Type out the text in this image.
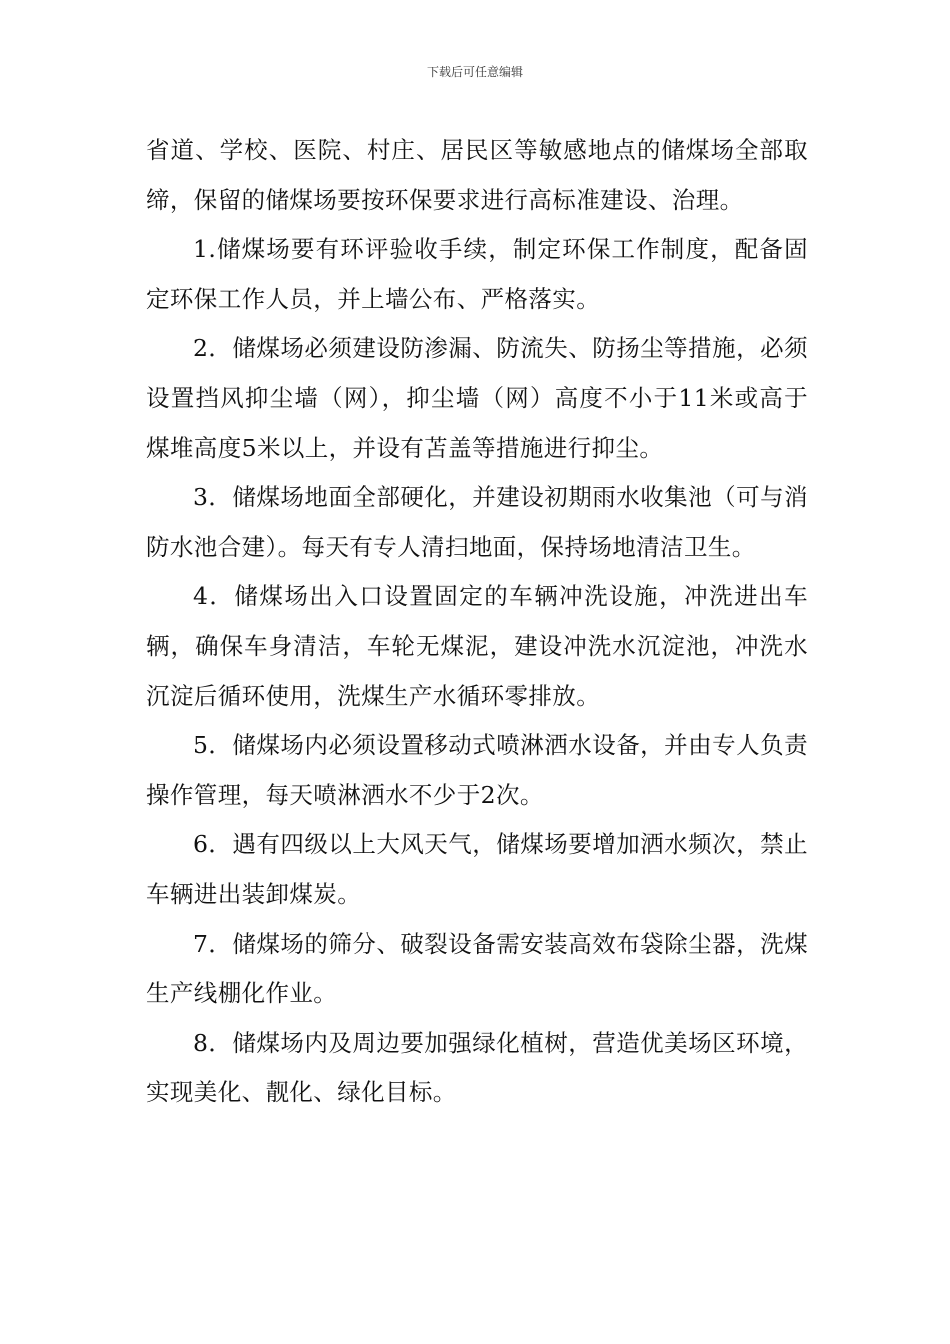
下载后可任意编辑

省道、学校、医院、村庄、居民区等敏感地点的储煤场全部取缔，保留的储煤场要按环保要求进行高标准建设、治理。

1.储煤场要有环评验收手续，制定环保工作制度，配备固定环保工作人员，并上墙公布、严格落实。

2．储煤场必须建设防渗漏、防流失、防扬尘等措施，必须设置挡风抑尘墙（网），抑尘墙（网）高度不小于11米或高于煤堆高度5米以上，并设有苫盖等措施进行抑尘。

3．储煤场地面全部硬化，并建设初期雨水收集池（可与消防水池合建）。每天有专人清扫地面，保持场地清洁卫生。

4．储煤场出入口设置固定的车辆冲洗设施，冲洗进出车辆，确保车身清洁，车轮无煤泥，建设冲洗水沉淀池，冲洗水沉淀后循环使用，洗煤生产水循环零排放。

5．储煤场内必须设置移动式喷淋洒水设备，并由专人负责操作管理，每天喷淋洒水不少于2次。

6．遇有四级以上大风天气，储煤场要增加洒水频次，禁止车辆进出装卸煤炭。

7．储煤场的筛分、破裂设备需安装高效布袋除尘器，洗煤生产线棚化作业。

8．储煤场内及周边要加强绿化植树，营造优美场区环境，实现美化、靓化、绿化目标。
